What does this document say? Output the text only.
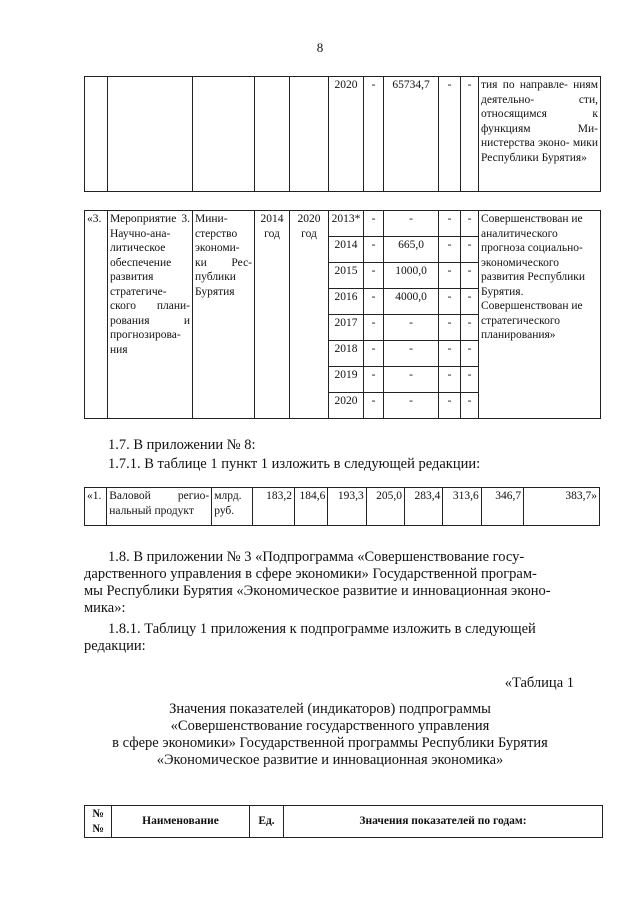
8
					2020	-	65734,7	-	-	тия по направле- ниям деятельно- сти, относящимся к функциям Ми- нистерства эконо- мики Республики Бурятия»
«3.	Мероприятие 3. Научно-ана- литическое обеспечение развития стратегиче- ского плани- рования и прогнозирова- ния	Мини- стерство экономи- ки Рес- публики Бурятия	2014 год	2020 год	2013*	-	-	-	-	Совершенствован ие аналитического прогноза социально- экономического развития Республики Бурятия. Совершенствован ие стратегического планирования»
					2014	-	665,0	-	-	
					2015	-	1000,0	-	-	
					2016	-	4000,0	-	-	
					2017	-	-	-	-	
					2018	-	-	-	-	
					2019	-	-	-	-	
					2020	-	-	-	-	
1.7. В приложении № 8:
1.7.1. В таблице 1 пункт 1 изложить в следующей редакции:
«1.	Валовой регио- нальный продукт	млрд. руб.	183,2	184,6	193,3	205,0	283,4	313,6	346,7	383,7»
1.8. В приложении № 3 «Подпрограмма «Совершенствование госу-
дарственного управления в сфере экономики» Государственной програм-
мы Республики Бурятия «Экономическое развитие и инновационная эконо-
мика»:
1.8.1. Таблицу 1 приложения к подпрограмме изложить в следующей
редакции:
«Таблица 1
Значения показателей (индикаторов) подпрограммы
«Совершенствование государственного управления
в сфере экономики» Государственной программы Республики Бурятия
«Экономическое развитие и инновационная экономика»
№№	Наименование	Ед.	Значения показателей по годам:
